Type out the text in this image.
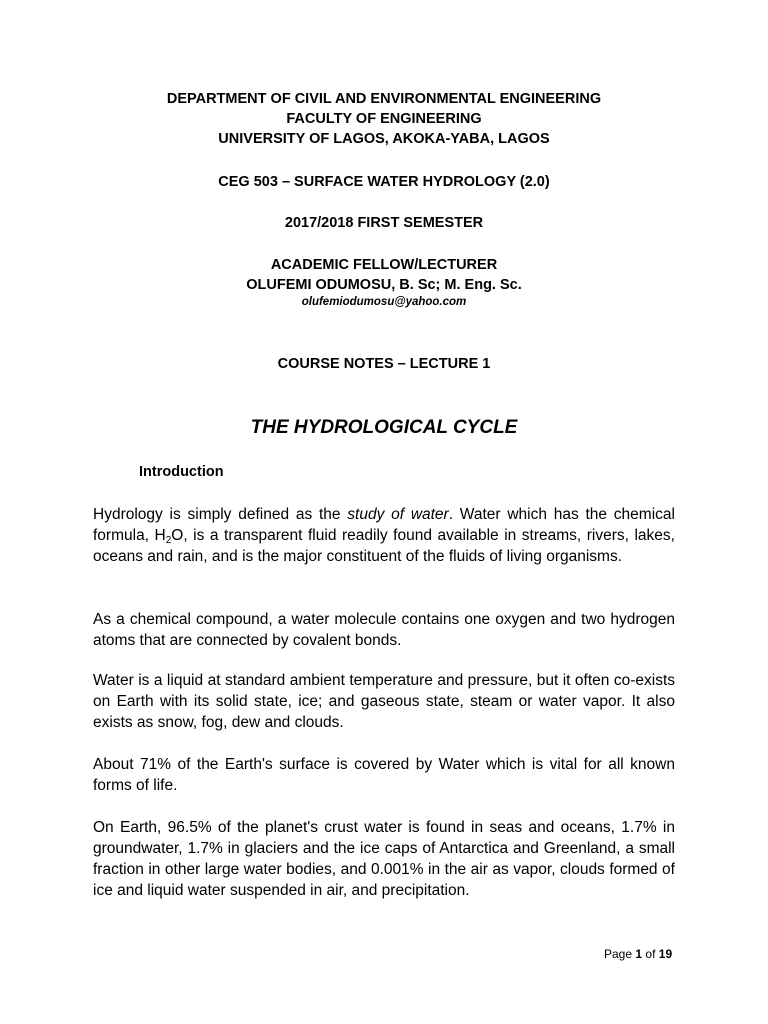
DEPARTMENT OF CIVIL AND ENVIRONMENTAL ENGINEERING
FACULTY OF ENGINEERING
UNIVERSITY OF LAGOS, AKOKA-YABA, LAGOS
CEG 503 – SURFACE WATER HYDROLOGY (2.0)
2017/2018 FIRST SEMESTER
ACADEMIC FELLOW/LECTURER
OLUFEMI ODUMOSU, B. Sc; M. Eng. Sc.
olufemiodumosu@yahoo.com
COURSE NOTES – LECTURE 1
THE HYDROLOGICAL CYCLE
Introduction

Hydrology is simply defined as the study of water. Water which has the chemical formula, $H_2O$, is a transparent fluid readily found available in streams, rivers, lakes, oceans and rain, and is the major constituent of the fluids of living organisms.

As a chemical compound, a water molecule contains one oxygen and two hydrogen atoms that are connected by covalent bonds.

Water is a liquid at standard ambient temperature and pressure, but it often co-exists on Earth with its solid state, ice; and gaseous state, steam or water vapor. It also exists as snow, fog, dew and clouds.

About 71% of the Earth's surface is covered by Water which is vital for all known forms of life.

On Earth, 96.5% of the planet's crust water is found in seas and oceans, 1.7% in groundwater, 1.7% in glaciers and the ice caps of Antarctica and Greenland, a small fraction in other large water bodies, and 0.001% in the air as vapor, clouds formed of ice and liquid water suspended in air, and precipitation.

Page 1 of 19
